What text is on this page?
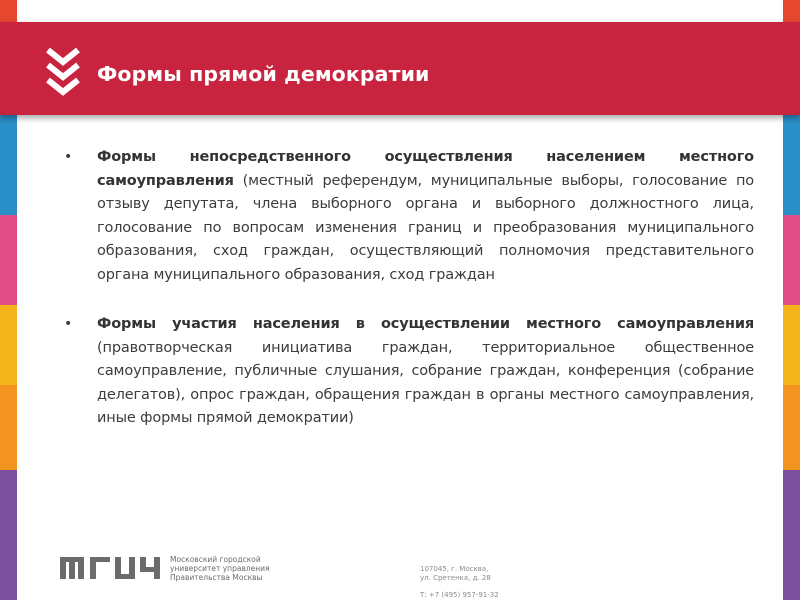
Формы прямой демократии
• Формы непосредственного осуществления населением местного самоуправления (местный референдум, муниципальные выборы, голосование по отзыву депутата, члена выборного органа и выборного должностного лица, голосование по вопросам изменения границ и преобразования муниципального образования, сход граждан, осуществляющий полномочия представительного органа муниципального образования, сход граждан
• Формы участия населения в осуществлении местного самоуправления (правотворческая инициатива граждан, территориальное общественное самоуправление, публичные слушания, собрание граждан, конференция (собрание делегатов), опрос граждан, обращения граждан в органы местного самоуправления, иные формы прямой демократии)
Московский городской
университет управления
Правительства Москвы
107045, г. Москва,
ул. Сретенка, д. 28
Т: +7 (495) 957-91-32
